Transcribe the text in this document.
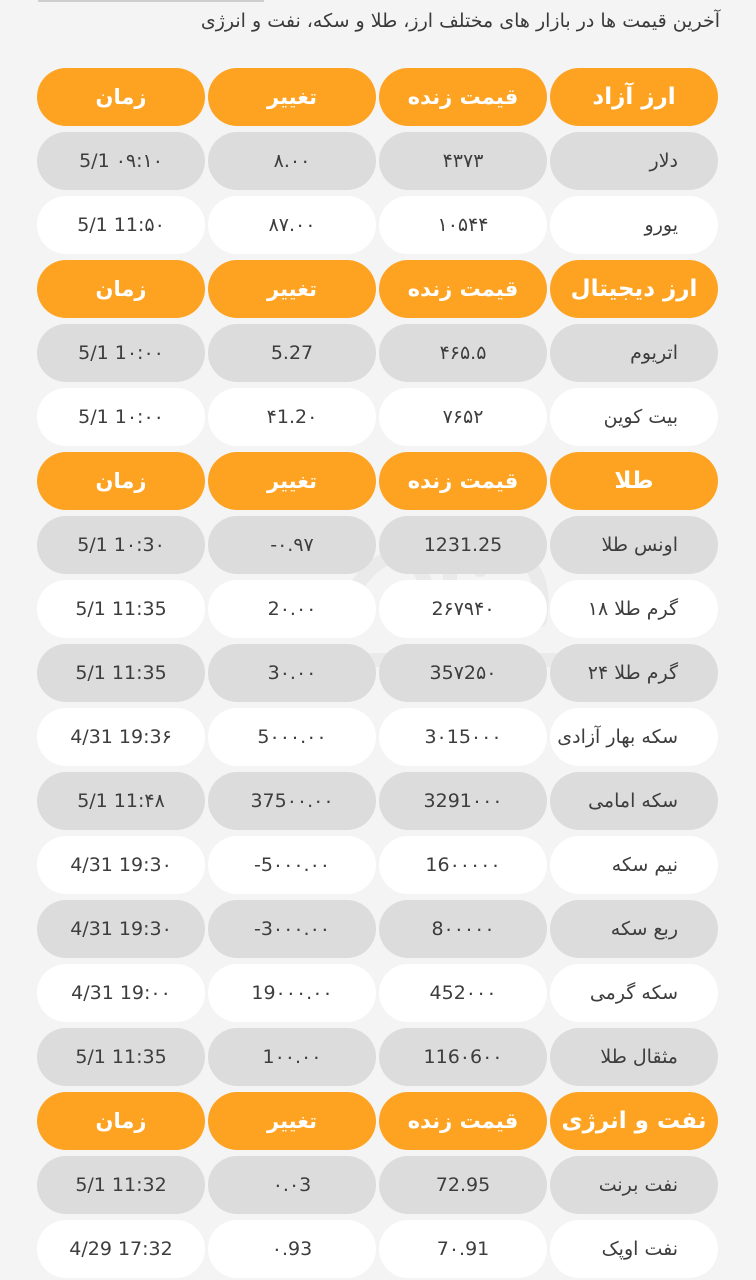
آخرین قیمت ها در بازار های مختلف ارز، طلا و سکه، نفت و انرژی
ارز آزاد
قیمت زنده
تغییر
زمان
دلار
۴۳۷۳
۸.۰۰
5/1 ۰۹:۱۰
یورو
۱۰۵۴۴
۸۷.۰۰
5/1 11:۵۰
ارز دیجیتال
قیمت زنده
تغییر
زمان
اتریوم
۴۶۵.۵
5.27
5/1 1۰:۰۰
بیت کوین
۷۶۵۲
۴1.2۰
5/1 1۰:۰۰
طلا
قیمت زنده
تغییر
زمان
اونس طلا
1231.25
-۰.۹۷
5/1 1۰:3۰
گرم طلا ۱۸
2۶۷۹۴۰
2۰.۰۰
5/1 11:35
گرم طلا ۲۴
35۷2۵۰
3۰.۰۰
5/1 11:35
سکه بهار آزادی
3۰15۰۰۰
5۰۰۰.۰۰
4/31 19:3۶
سکه امامی
3291۰۰۰
375۰۰.۰۰
5/1 11:۴۸
نیم سکه
16۰۰۰۰۰
-5۰۰۰.۰۰
4/31 19:3۰
ربع سکه
8۰۰۰۰۰
-3۰۰۰.۰۰
4/31 19:3۰
سکه گرمی
452۰۰۰
19۰۰۰.۰۰
4/31 19:۰۰
مثقال طلا
116۰6۰۰
1۰۰.۰۰
5/1 11:35
نفت و انرژی
قیمت زنده
تغییر
زمان
نفت برنت
72.95
۰.۰3
5/1 11:32
نفت اوپک
7۰.91
۰.93
4/29 17:32
